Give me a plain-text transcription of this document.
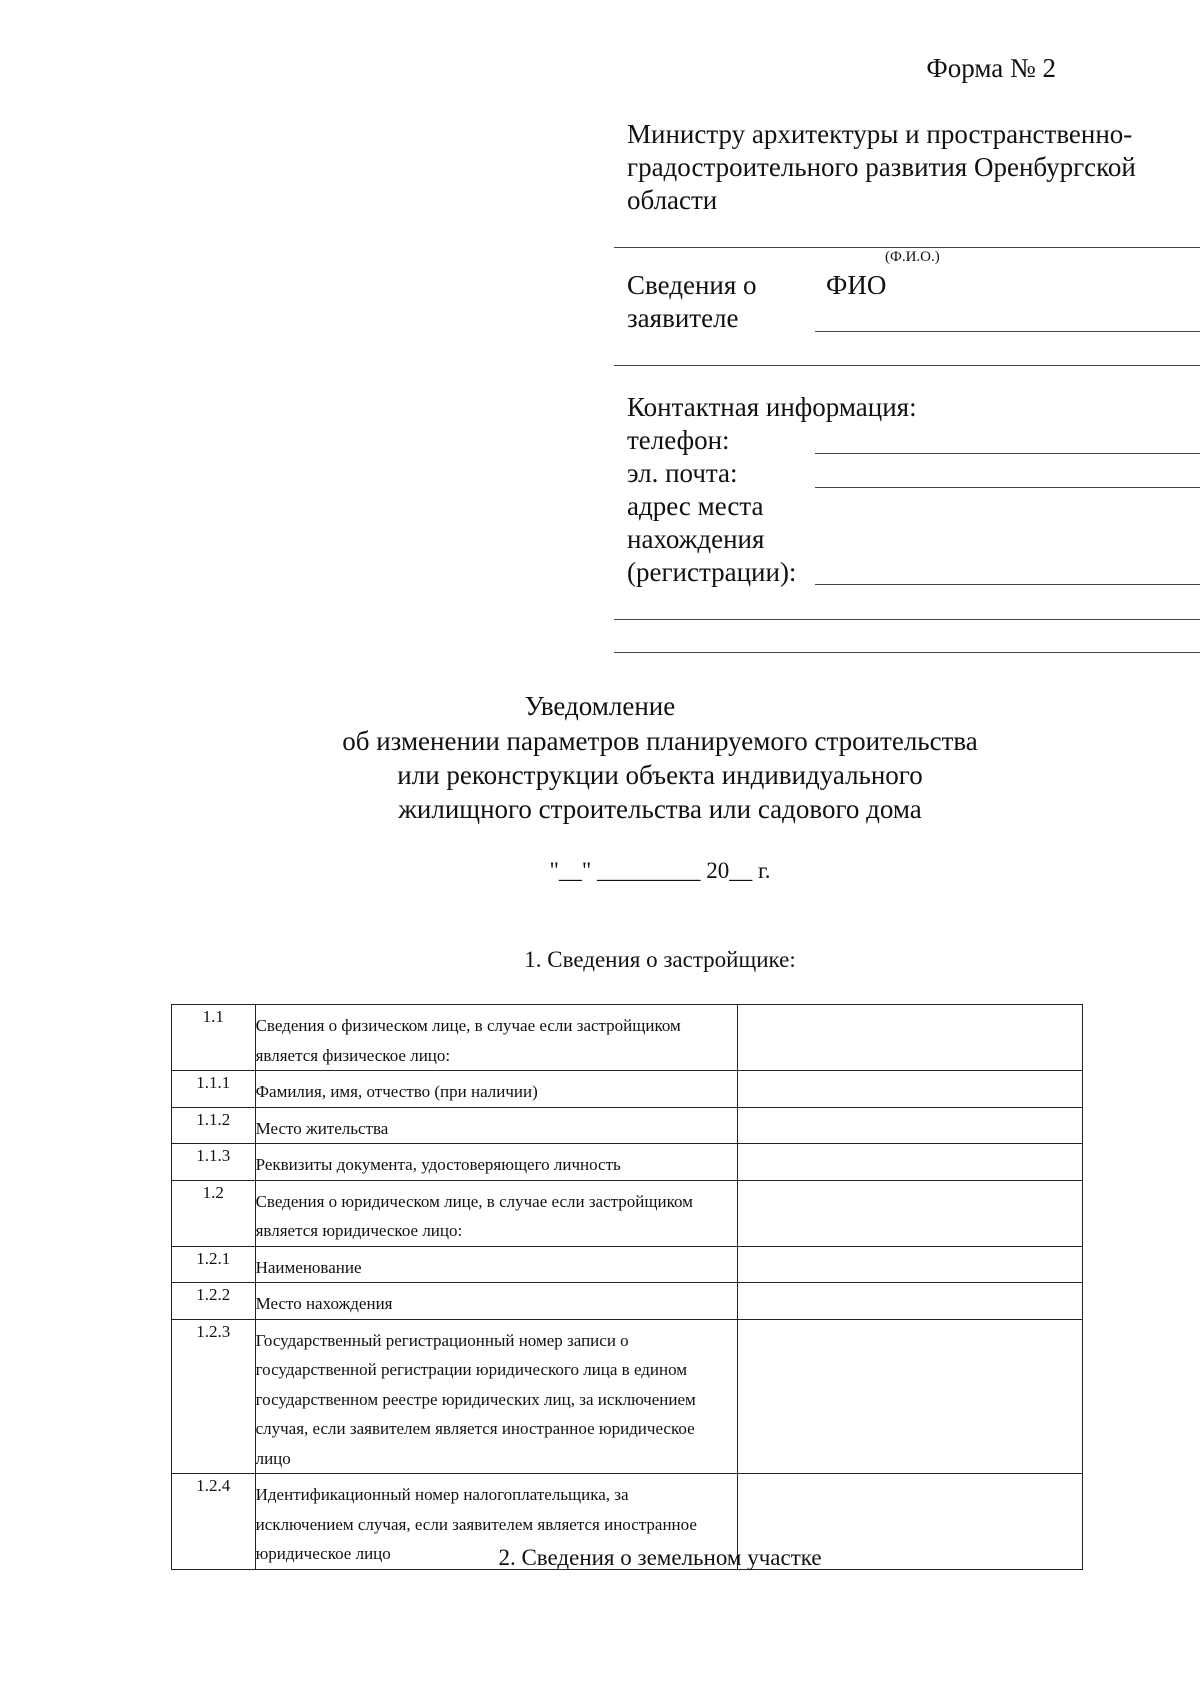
Форма № 2
Министру архитектуры и пространственно-градостроительного развития Оренбургской области
(Ф.И.О.)
Сведения о заявителе
ФИО
Контактная информация:
телефон:
эл. почта:
адрес места
нахождения
(регистрации):
Уведомление
об изменении параметров планируемого строительства
или реконструкции объекта индивидуального
жилищного строительства или садового дома
"__" _________ 20__ г.
1. Сведения о застройщике:
1.1	Сведения о физическом лице, в случае если застройщиком является физическое лицо:	
1.1.1	Фамилия, имя, отчество (при наличии)	
1.1.2	Место жительства	
1.1.3	Реквизиты документа, удостоверяющего личность	
1.2	Сведения о юридическом лице, в случае если застройщиком является юридическое лицо:	
1.2.1	Наименование	
1.2.2	Место нахождения	
1.2.3	Государственный регистрационный номер записи о государственной регистрации юридического лица в едином государственном реестре юридических лиц, за исключением случая, если заявителем является иностранное юридическое лицо	
1.2.4	Идентификационный номер налогоплательщика, за исключением случая, если заявителем является иностранное юридическое лицо		2. Сведения о земельном участке
